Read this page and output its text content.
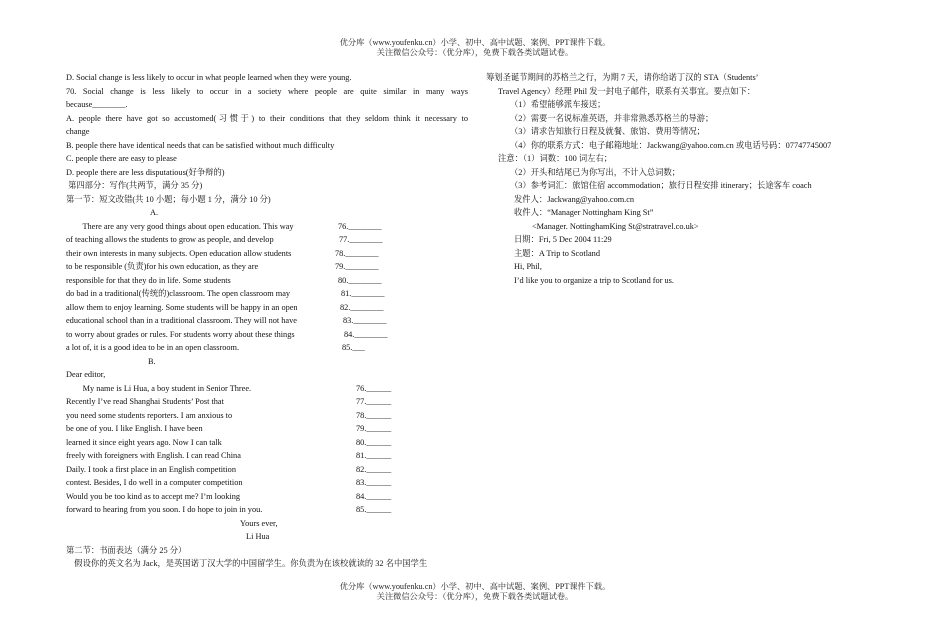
优分库（www.youfenku.cn）小学、初中、高中试题、案例、PPT课件下载。
关注微信公众号：（优分库），免费下载各类试题试卷。
D. Social change is less likely to occur in what people learned when they were young.
70. Social change is less likely to occur in a society where people are quite similar in many ways
because________.
A. people there have got so accustomed(习惯于) to their conditions that they seldom think it necessary to
change
B. people there have identical needs that can be satisfied without much difficulty
C. people there are easy to please
D. people there are less disputatious(好争辩的)
第四部分：写作(共两节，满分 35 分)
第一节：短文改错(共 10 小题；每小题 1 分，满分 10 分)
A.
There are any very good things about open education. This way	76.________
of teaching allows the students to grow as people, and develop	77.________
their own interests in many subjects. Open education allow students	78.________
to be responsible (负责)for his own education, as they are	79.________
responsible for that they do in life. Some students	80.________
do bad in a traditional(传统的)classroom. The open classroom may	81.________
allow them to enjoy learning. Some students will be happy in an open	82.________
educational school than in a traditional classroom. They will not have	83.________
to worry about grades or rules. For students worry about these things	84.________
a lot of, it is a good idea to be in an open classroom.	85.___
B.
Dear editor,
My name is Li Hua, a boy student in Senior Three.	76.______
Recently I’ve read Shanghai Students’ Post that	77.______
you need some students reporters. I am anxious to	78.______
be one of you. I like English. I have been	79.______
learned it since eight years ago. Now I can talk	80.______
freely with foreigners with English. I can read China	81.______
Daily. I took a first place in an English competition	82.______
contest. Besides, I do well in a computer competition	83.______
Would you be too kind as to accept me? I’m looking	84.______
forward to hearing from you soon. I do hope to join in you.	85.______
Yours ever,
Li Hua
第二节：书面表达（满分 25 分）
假设你的英文名为 Jack，是英国诺丁汉大学的中国留学生。你负责为在该校就读的 32 名中国学生
筹划圣诞节期间的苏格兰之行，为期 7 天，请你给诺丁汉的 STA（Students’
Travel Agency）经理 Phil 发一封电子邮件，联系有关事宜。要点如下：
（1）希望能够派车接送；
（2）需要一名说标准英语，并非常熟悉苏格兰的导游；
（3）请求告知旅行日程及就餐、旅馆、费用等情况；
（4）你的联系方式：电子邮箱地址：Jackwang@yahoo.com.cn 或电话号码：07747745007
注意：（1）词数：100 词左右；
（2）开头和结尾已为你写出，不计入总词数；
（3）参考词汇：旅馆住宿 accommodation；旅行日程安排 itinerary；长途客车 coach
发件人：Jackwang@yahoo.com.cn
收件人：“Manager Nottingham King St”
<Manager. NottinghamKing St@stratravel.co.uk>
日期：Fri, 5 Dec 2004 11:29
主题：A Trip to Scotland
Hi, Phil,
I’d like you to organize a trip to Scotland for us.
优分库（www.youfenku.cn）小学、初中、高中试题、案例、PPT课件下载。
关注微信公众号：（优分库），免费下载各类试题试卷。
